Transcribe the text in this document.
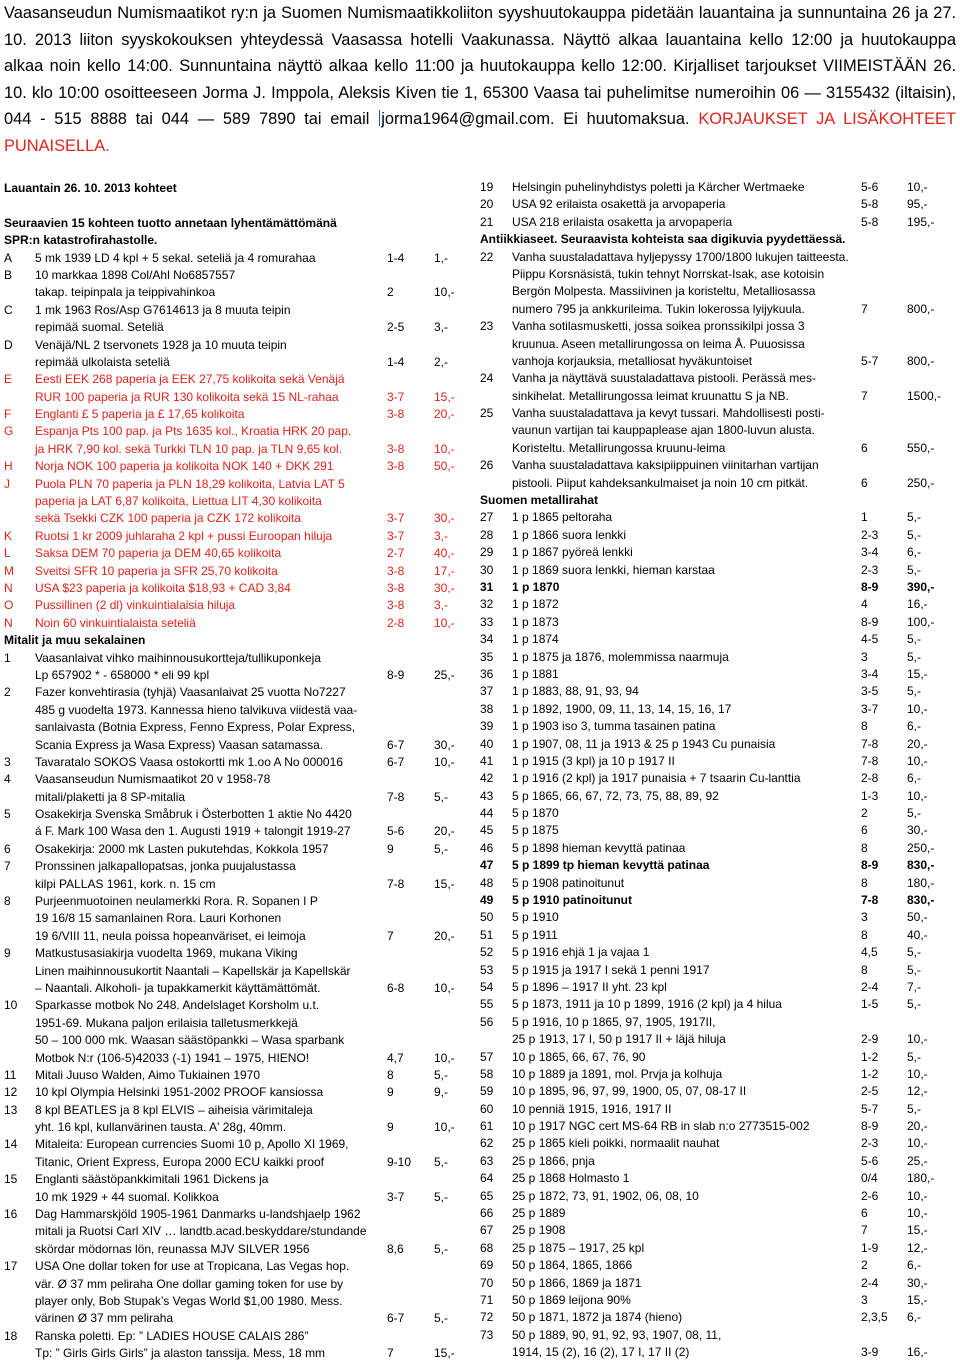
Vaasanseudun Numismaatikot ry:n ja Suomen Numismaatikkoliiton syyshuutokauppa pidetään lauantaina ja sunnuntaina 26 ja 27. 10. 2013 liiton syyskokouksen yhteydessä Vaasassa hotelli Vaakunassa. Näyttö alkaa lauantaina kello 12:00 ja huutokauppa alkaa noin kello 14:00. Sunnuntaina näyttö alkaa kello 11:00 ja huutokauppa kello 12:00. Kirjalliset tarjoukset VIIMEISTÄÄN 26. 10. klo 10:00 osoitteeseen Jorma J. Imppola, Aleksis Kiven tie 1, 65300 Vaasa tai puhelimitse numeroihin 06 — 3155432 (iltaisin), 044 - 515 8888 tai 044 — 589 7890 tai email jorma1964@gmail.com. Ei huutomaksua. KORJAUKSET JA LISÄKOHTEET PUNAISELLA.
Lauantain 26. 10. 2013 kohteet
Seuraavien 15 kohteen tuotto annetaan lyhentämättömänä
SPR:n katastrofirahastolle.
A 5 mk 1939 LD 4 kpl + 5 sekal. seteliä ja 4 romurahaa	1-4 1,-
B 10 markkaa 1898 Col/Ahl No6857557
takap. teipinpala ja teippivahinkoa	2	10,-
C 1 mk 1963 Ros/Asp G7614613 ja 8 muuta teipin
repimää suomal. Seteliä	2-5 3,-
D Venäjä/NL 2 tservonets 1928 ja 10 muuta teipin
repimää ulkolaista seteliä	1-4 2,-
E Eesti EEK 268 paperia ja EEK 27,75 kolikoita sekä Venäjä
RUR 100 paperia ja RUR 130 kolikoita sekä 15 NL-rahaa	3-7 15,-
F Englanti £ 5 paperia ja £ 17,65 kolikoita	3-8 20,-
G Espanja Pts 100 pap. ja Pts 1635 kol., Kroatia HRK 20 pap.
ja HRK 7,90 kol. sekä Turkki TLN 10 pap. ja TLN 9,65 kol.	3-8 10,-
H Norja NOK 100 paperia ja kolikoita NOK 140 + DKK 291	3-8 50,-
J Puola PLN 70 paperia ja PLN 18,29 kolikoita, Latvia LAT 5
paperia ja LAT 6,87 kolikoita, Liettua LIT 4,30 kolikoita
sekä Tsekki CZK 100 paperia ja CZK 172 kolikoita	3-7 30,-
K Ruotsi 1 kr 2009 juhlaraha 2 kpl + pussi Euroopan hiluja	3-7 3,-
L Saksa DEM 70 paperia ja DEM 40,65 kolikoita	2-7 40,-
M Sveitsi SFR 10 paperia ja SFR 25,70 kolikoita	3-8 17,-
N USA $23 paperia ja kolikoita $18,93 + CAD 3,84	3-8 30,-
O Pussillinen (2 dl) vinkuintialaisia hiluja	3-8 3,-
N Noin 60 vinkuintialaista seteliä	2-8 10,-
Mitalit ja muu sekalainen
1 Vaasanlaivat vihko maihinnousukortteja/tullikuponkeja
Lp 657902 * - 658000 * eli 99 kpl	8-9 25,-
2 Fazer konvehtirasia (tyhjä) Vaasanlaivat 25 vuotta No7227
485 g vuodelta 1973. Kannessa hieno talvikuva viidestä vaa-
sanlaivasta (Botnia Express, Fenno Express, Polar Express,
Scania Express ja Wasa Express) Vaasan satamassa.	6-7 30,-
3 Tavaratalo SOKOS Vaasa ostokortti mk 1.oo A No 000016	6-7 10,-
4 Vaasanseudun Numismaatikot 20 v 1958-78
mitali/plaketti ja 8 SP-mitalia	7-8 5,-
5 Osakekirja Svenska Småbruk i Österbotten 1 aktie No 4420
á F. Mark 100 Wasa den 1. Augusti 1919 + talongit 1919-27	5-6 20,-
6 Osakekirja: 2000 mk Lasten pukutehdas, Kokkola 1957	9	5,-
7 Pronssinen jalkapallopatsas, jonka puujalustassa
kilpi PALLAS 1961, kork. n. 15 cm	7-8 15,-
8 Purjeenmuotoinen neulamerkki Rora. R. Sopanen I P
19 16/8 15 samanlainen Rora. Lauri Korhonen
19 6/VIII 11, neula poissa hopeanväriset, ei leimoja	7	20,-
9 Matkustusasiakirja vuodelta 1969, mukana Viking
Linen maihinnousukortit Naantali – Kapellskär ja Kapellskär
– Naantali. Alkoholi- ja tupakkamerkit käyttämättömät.	6-8 10,-
10 Sparkasse motbok No 248. Andelslaget Korsholm u.t.
1951-69. Mukana paljon erilaisia talletusmerkkejä
50 – 100 000 mk. Waasan säästöpankki – Wasa sparbank
Motbok N:r (106-5)42033 (-1) 1941 – 1975, HIENO!	4,7	10,-
11 Mitali Juuso Walden, Aimo Tukiainen 1970	8	5,-
12 10 kpl Olympia Helsinki 1951-2002 PROOF kansiossa	9	9,-
13 8 kpl BEATLES ja 8 kpl ELVIS – aiheisia värimitaleja
yht. 16 kpl, kullanvärinen tausta. A' 28g, 40mm.	9	10,-
14 Mitaleita: European currencies Suomi 10 p, Apollo XI 1969,
Titanic, Orient Express, Europa 2000 ECU kaikki proof	9-10 5,-
15 Englanti säästöpankkimitali 1961 Dickens ja
10 mk 1929 + 44 suomal. Kolikkoa	3-7 5,-
16 Dag Hammarskjöld 1905-1961 Danmarks u-landshjaelp 1962
mitali ja Ruotsi Carl XIV … landtb.acad.beskyddare/stundande
skördar mödornas lön, reunassa MJV SILVER 1956	8,6	5,-
17 USA One dollar token for use at Tropicana, Las Vegas hop.
vär. Ø 37 mm peliraha One dollar gaming token for use by
player only, Bob Stupak’s Vegas World $1,00 1980. Mess.
värinen Ø 37 mm peliraha	6-7 5,-
18 Ranska poletti. Ep: ” LADIES HOUSE CALAIS 286”
Tp: ” Girls Girls Girls” ja alaston tanssija. Mess, 18 mm	7	15,-
19 Helsingin puhelinyhdistys poletti ja Kärcher Wertmaeke	5-6 10,-
20 USA 92 erilaista osakettä ja arvopaperia	5-8 95,-
21 USA 218 erilaista osaketta ja arvopaperia	5-8 195,-
Antiikkiaseet. Seuraavista kohteista saa digikuvia pyydettäessä.
22 Vanha suustaladattava hyljepyssy 1700/1800 lukujen taitteesta.
Piippu Korsnäsistä, tukin tehnyt Norrskat-Isak, ase kotoisin
Bergön Molpesta. Massiivinen ja koristeltu, Metalliosassa
numero 795 ja ankkurileima. Tukin lokerossa lyijykuula.	7	800,-
23 Vanha sotilasmusketti, jossa soikea pronssikilpi jossa 3
kruunua. Aseen metallirungossa on leima Å. Puuosissa
vanhoja korjauksia, metalliosat hyväkuntoiset	5-7 800,-
24 Vanha ja näyttävä suustaladattava pistooli. Perässä mes-
sinkihelat. Metallirungossa leimat kruunattu S ja NB.	7	1500,-
25 Vanha suustaladattava ja kevyt tussari. Mahdollisesti posti-
vaunun vartijan tai kauppaplease ajan 1800-luvun alusta.
Koristeltu. Metallirungossa kruunu-leima	6	550,-
26 Vanha suustaladattava kaksipiippuinen viinitarhan vartijan
pistooli. Piiput kahdeksankulmaiset ja noin 10 cm pitkät.	6	250,-
Suomen metallirahat
27 1 p 1865 peltoraha	1	5,-
28 1 p 1866 suora lenkki	2-3 5,-
29 1 p 1867 pyöreä lenkki	3-4 6,-
30 1 p 1869 suora lenkki, hieman karstaa	2-3 5,-
31 1 p 1870	8-9 390,-
32 1 p 1872	4	16,-
33 1 p 1873	8-9 100,-
34 1 p 1874	4-5 5,-
35 1 p 1875 ja 1876, molemmissa naarmuja	3	5,-
36 1 p 1881	3-4 15,-
37 1 p 1883, 88, 91, 93, 94	3-5 5,-
38 1 p 1892, 1900, 09, 11, 13, 14, 15, 16, 17	3-7 10,-
39 1 p 1903 iso 3, tumma tasainen patina	8	6,-
40 1 p 1907, 08, 11 ja 1913 & 25 p 1943 Cu punaisia	7-8 20,-
41 1 p 1915 (3 kpl) ja 10 p 1917 II	7-8 10,-
42 1 p 1916 (2 kpl) ja 1917 punaisia + 7 tsaarin Cu-lanttia	2-8 6,-
43 5 p 1865, 66, 67, 72, 73, 75, 88, 89, 92	1-3 10,-
44 5 p 1870	2	5,-
45 5 p 1875	6	30,-
46 5 p 1898 hieman kevyttä patinaa	8	250,-
47 5 p 1899 tp hieman kevyttä patinaa	8-9 830,-
48 5 p 1908 patinoitunut	8	180,-
49 5 p 1910 patinoitunut	7-8 830,-
50 5 p 1910	3	50,-
51 5 p 1911	8	40,-
52 5 p 1916 ehjä 1 ja vajaa 1	4,5 5,-
53 5 p 1915 ja 1917 I sekä 1 penni 1917	8	5,-
54 5 p 1896 – 1917 II yht. 23 kpl	2-4 7,-
55 5 p 1873, 1911 ja 10 p 1899, 1916 (2 kpl) ja 4 hilua	1-5 5,-
56 5 p 1916, 10 p 1865, 97, 1905, 1917II,
25 p 1913, 17 I, 50 p 1917 II + läjä hiluja	2-9 10,-
57 10 p 1865, 66, 67, 76, 90	1-2 5,-
58 10 p 1889 ja 1891, mol. Prvja ja kolhuja	1-2 10,-
59 10 p 1895, 96, 97, 99, 1900, 05, 07, 08-17 II	2-5 12,-
60 10 penniä 1915, 1916, 1917 II	5-7 5,-
61 10 p 1917 NGC cert MS-64 RB in slab n:o 2773515-002	8-9 20,-
62 25 p 1865 kieli poikki, normaalit nauhat	2-3 10,-
63 25 p 1866, pnja	5-6 25,-
64 25 p 1868 Holmasto 1	0/4 180,-
65 25 p 1872, 73, 91, 1902, 06, 08, 10	2-6 10,-
66 25 p 1889	6	10,-
67 25 p 1908	7	15,-
68 25 p 1875 – 1917, 25 kpl	1-9 12,-
69 50 p 1864, 1865, 1866	2	6,-
70 50 p 1866, 1869 ja 1871	2-4 30,-
71 50 p 1869 leijona 90%	3	15,-
72 50 p 1871, 1872 ja 1874 (hieno)	2,3,5 6,-
73 50 p 1889, 90, 91, 92, 93, 1907, 08, 11,
1914, 15 (2), 16 (2), 17 I, 17 II (2)	3-9 16,-
